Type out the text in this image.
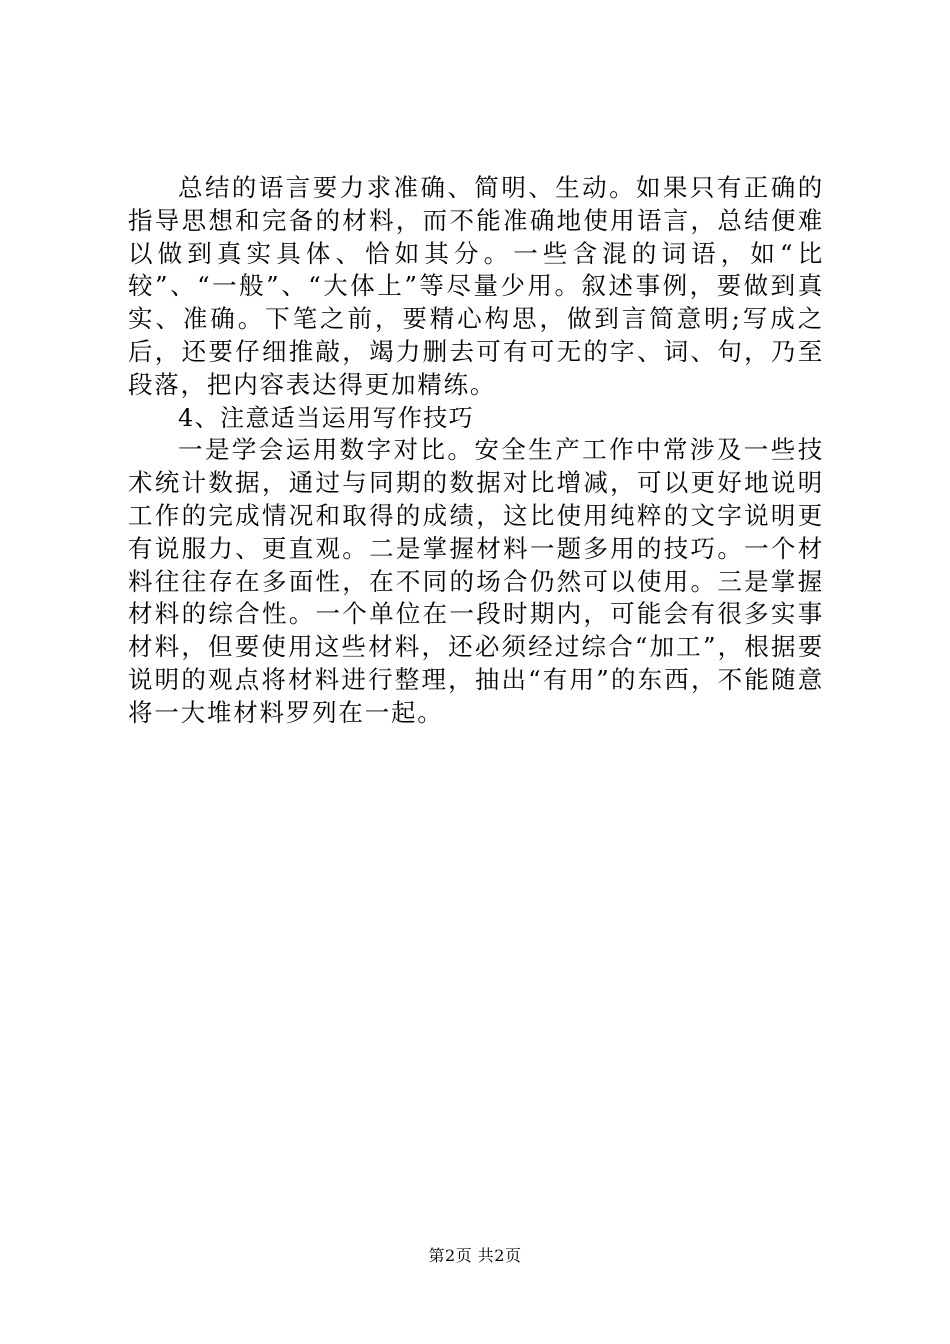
总结的语言要力求准确、简明、生动。如果只有正确的指导思想和完备的材料，而不能准确地使用语言，总结便难以做到真实具体、恰如其分。一些含混的词语，如“比较”、“一般”、“大体上”等尽量少用。叙述事例，要做到真实、准确。下笔之前，要精心构思，做到言简意明;写成之后，还要仔细推敲，竭力删去可有可无的字、词、句，乃至段落，把内容表达得更加精练。

4、注意适当运用写作技巧

一是学会运用数字对比。安全生产工作中常涉及一些技术统计数据，通过与同期的数据对比增减，可以更好地说明工作的完成情况和取得的成绩，这比使用纯粹的文字说明更有说服力、更直观。二是掌握材料一题多用的技巧。一个材料往往存在多面性，在不同的场合仍然可以使用。三是掌握材料的综合性。一个单位在一段时期内，可能会有很多实事材料，但要使用这些材料，还必须经过综合“加工”，根据要说明的观点将材料进行整理，抽出“有用”的东西，不能随意将一大堆材料罗列在一起。

第2页 共2页
